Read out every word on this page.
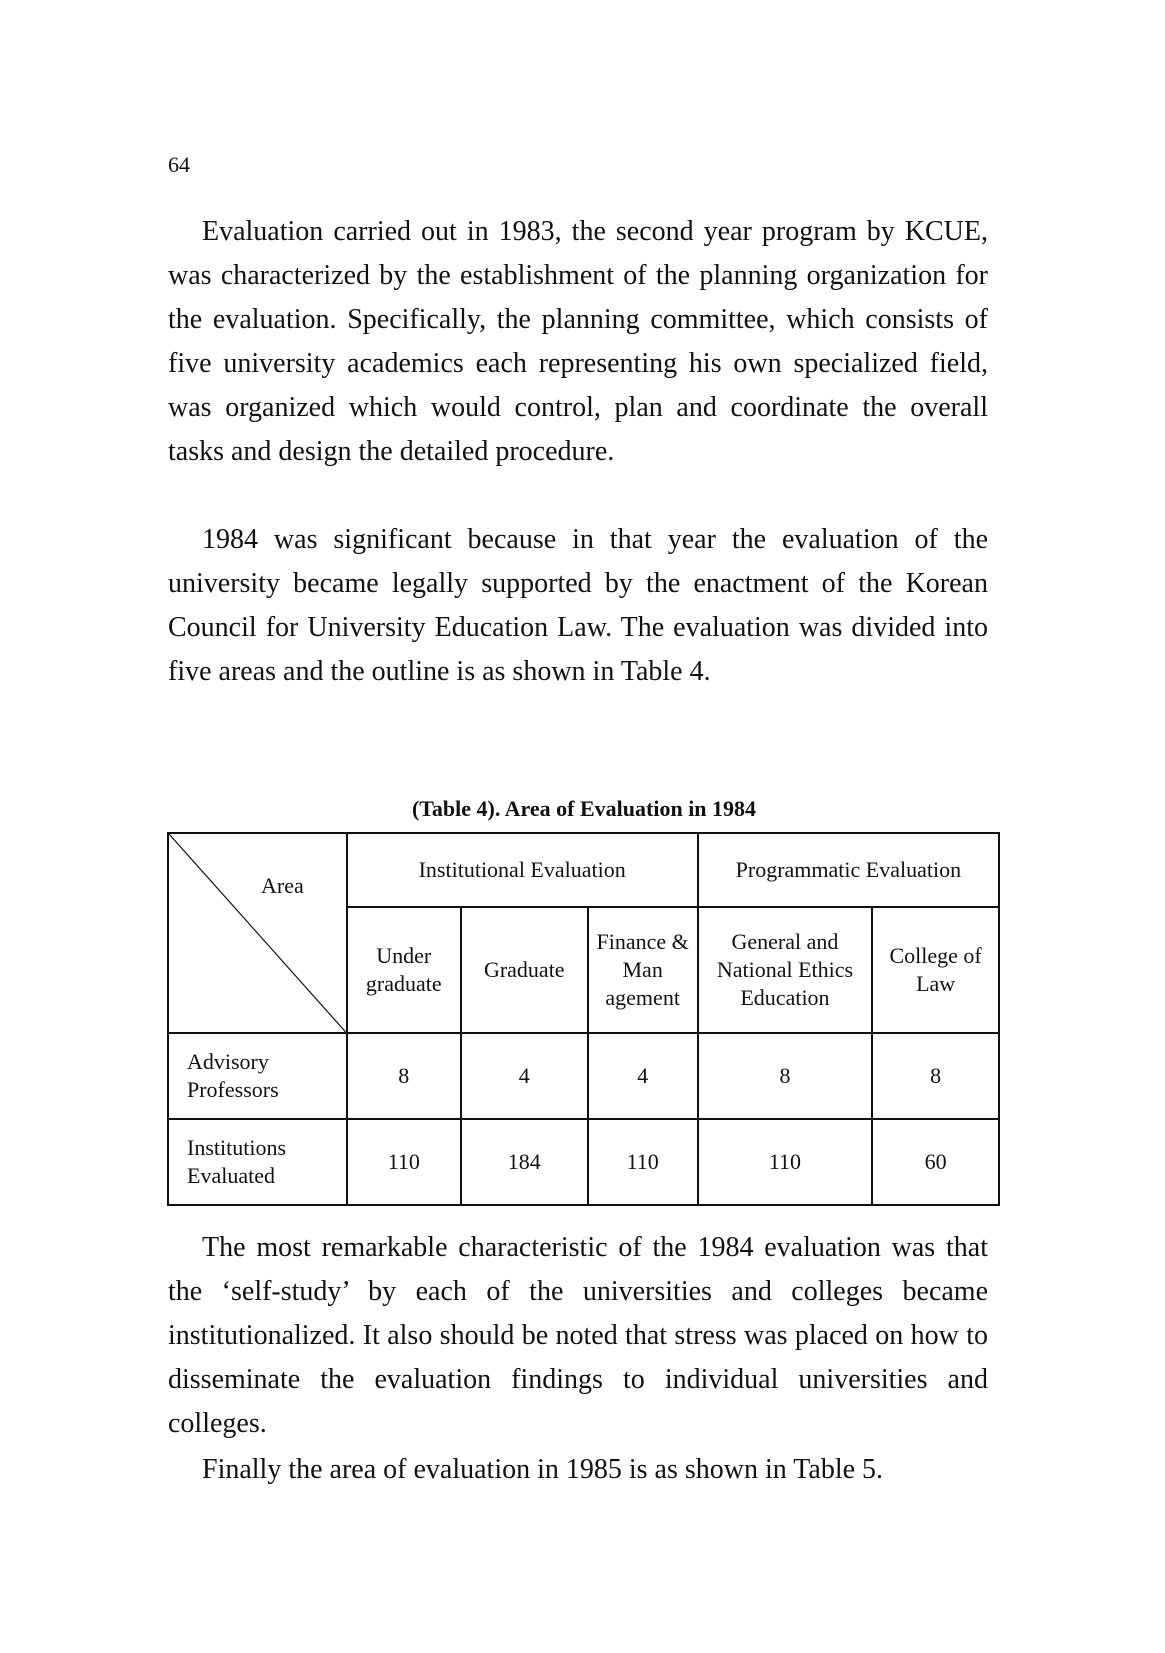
64

Evaluation carried out in 1983, the second year program by KCUE, was characterized by the establishment of the planning organization for the evaluation. Specifically, the planning committee, which consists of five university academics each representing his own specialized field, was organized which would control, plan and coordinate the overall tasks and design the detailed procedure.

1984 was significant because in that year the evaluation of the university became legally supported by the enactment of the Korean Council for University Education Law. The evaluation was divided into five areas and the outline is as shown in Table 4.

(Table 4). Area of Evaluation in 1984
Area	Institutional Evaluation			Programmatic Evaluation	
	Under graduate	Graduate	Finance & Man agement	General and National Ethics Education	College of Law
Advisory Professors	8	4	4	8	8
Institutions Evaluated	110	184	110	110	60

The most remarkable characteristic of the 1984 evaluation was that the ‘self-study’ by each of the universities and colleges became institutionalized. It also should be noted that stress was placed on how to disseminate the evaluation findings to individual universities and colleges.

Finally the area of evaluation in 1985 is as shown in Table 5.
